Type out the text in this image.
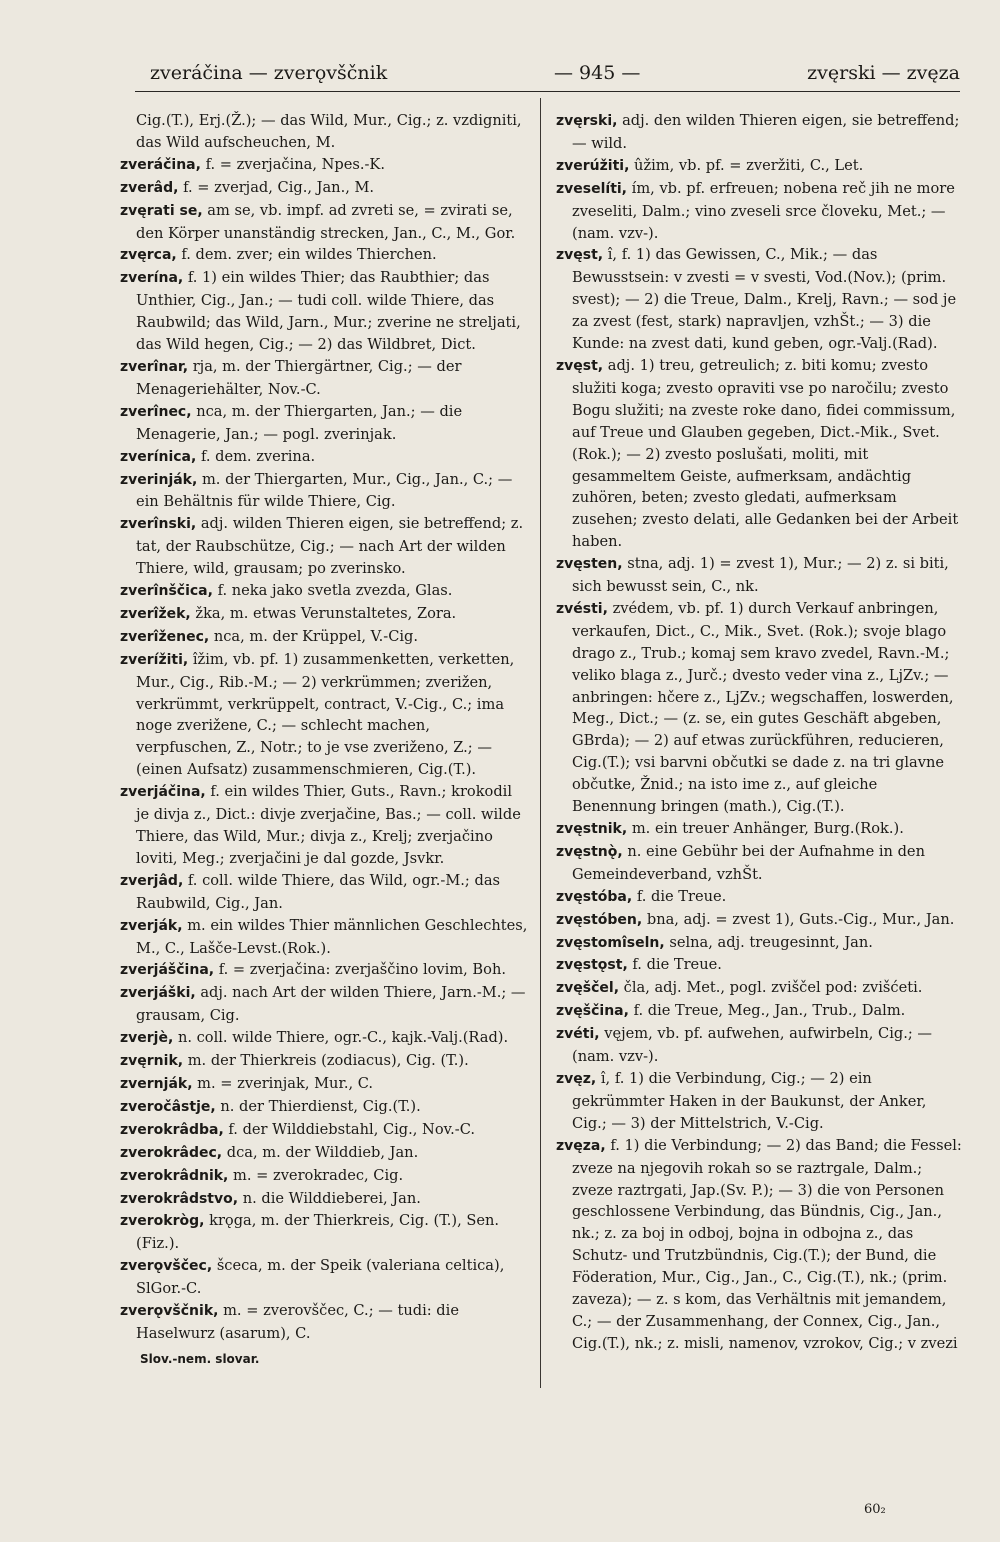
zveráčina — zverǫvščnik	— 945 —	zvęrski — zvęza

Cig.(T.), Erj.(Ž.); — das Wild, Mur., Cig.; z. vzdigniti, das Wild aufscheuchen, M.

zveráčina, f. = zverjačina, Npes.-K.

zverâd, f. = zverjad, Cig., Jan., M.

zvęrati se, am se, vb. impf. ad zvreti se, = zvirati se, den Körper unanständig strecken, Jan., C., M., Gor.

zvęrca, f. dem. zver; ein wildes Thierchen.

zverína, f. 1) ein wildes Thier; das Raubthier; das Unthier, Cig., Jan.; — tudi coll. wilde Thiere, das Raubwild; das Wild, Jarn., Mur.; zverine ne streljati, das Wild hegen, Cig.; — 2) das Wildbret, Dict.

zverînar, rja, m. der Thiergärtner, Cig.; — der Menageriehälter, Nov.-C.

zverînec, nca, m. der Thiergarten, Jan.; — die Menagerie, Jan.; — pogl. zverinjak.

zverínica, f. dem. zverina.

zverinják, m. der Thiergarten, Mur., Cig., Jan., C.; — ein Behältnis für wilde Thiere, Cig.

zverînski, adj. wilden Thieren eigen, sie betreffend; z. tat, der Raubschütze, Cig.; — nach Art der wilden Thiere, wild, grausam; po zverinsko.

zverînščica, f. neka jako svetla zvezda, Glas.

zverîžek, žka, m. etwas Verunstaltetes, Zora.

zverîženec, nca, m. der Krüppel, V.-Cig.

zverížiti, îžim, vb. pf. 1) zusammenketten, verketten, Mur., Cig., Rib.-M.; — 2) verkrümmen; zverižen, verkrümmt, verkrüppelt, contract, V.-Cig., C.; ima noge zverižene, C.; — schlecht machen, verpfuschen, Z., Notr.; to je vse zveriženo, Z.; — (einen Aufsatz) zusammenschmieren, Cig.(T.).

zverjáčina, f. ein wildes Thier, Guts., Ravn.; krokodil je divja z., Dict.: divje zverjačine, Bas.; — coll. wilde Thiere, das Wild, Mur.; divja z., Krelj; zverjačino loviti, Meg.; zverjačini je dal gozde, Jsvkr.

zverjâd, f. coll. wilde Thiere, das Wild, ogr.-M.; das Raubwild, Cig., Jan.

zverják, m. ein wildes Thier männlichen Geschlechtes, M., C., Lašče-Levst.(Rok.).

zverjáščina, f. = zverjačina: zverjaščino lovim, Boh.

zverjáški, adj. nach Art der wilden Thiere, Jarn.-M.; — grausam, Cig.

zverjè, n. coll. wilde Thiere, ogr.-C., kajk.-Valj.(Rad).

zvęrnik, m. der Thierkreis (zodiacus), Cig. (T.).

zvernják, m. = zverinjak, Mur., C.

zveročâstje, n. der Thierdienst, Cig.(T.).

zverokrâdba, f. der Wilddiebstahl, Cig., Nov.-C.

zverokrâdec, dca, m. der Wilddieb, Jan.

zverokrâdnik, m. = zverokradec, Cig.

zverokrâdstvo, n. die Wilddieberei, Jan.

zverokròg, krǫga, m. der Thierkreis, Cig. (T.), Sen.(Fiz.).

zverǫvščec, šceca, m. der Speik (valeriana celtica), SlGor.-C.

zverǫvščnik, m. = zverovščec, C.; — tudi: die Haselwurz (asarum), C.

zvęrski, adj. den wilden Thieren eigen, sie betreffend; — wild.

zverúžiti, ûžim, vb. pf. = zveržiti, C., Let.

zveselíti, ím, vb. pf. erfreuen; nobena reč jih ne more zveseliti, Dalm.; vino zveseli srce človeku, Met.; — (nam. vzv-).

zvęst, î, f. 1) das Gewissen, C., Mik.; — das Bewusstsein: v zvesti = v svesti, Vod.(Nov.); (prim. svest); — 2) die Treue, Dalm., Krelj, Ravn.; — sod je za zvest (fest, stark) napravljen, vzhŠt.; — 3) die Kunde: na zvest dati, kund geben, ogr.-Valj.(Rad).

zvęst, adj. 1) treu, getreulich; z. biti komu; zvesto služiti koga; zvesto opraviti vse po naročilu; zvesto Bogu služiti; na zveste roke dano, fidei commissum, auf Treue und Glauben gegeben, Dict.-Mik., Svet.(Rok.); — 2) zvesto poslušati, moliti, mit gesammeltem Geiste, aufmerksam, andächtig zuhören, beten; zvesto gledati, aufmerksam zusehen; zvesto delati, alle Gedanken bei der Arbeit haben.

zvęsten, stna, adj. 1) = zvest 1), Mur.; — 2) z. si biti, sich bewusst sein, C., nk.

zvésti, zvédem, vb. pf. 1) durch Verkauf anbringen, verkaufen, Dict., C., Mik., Svet. (Rok.); svoje blago drago z., Trub.; komaj sem kravo zvedel, Ravn.-M.; veliko blaga z., Jurč.; dvesto veder vina z., LjZv.; — anbringen: hčere z., LjZv.; wegschaffen, loswerden, Meg., Dict.; — (z. se, ein gutes Geschäft abgeben, GBrda); — 2) auf etwas zurückführen, reducieren, Cig.(T.); vsi barvni občutki se dade z. na tri glavne občutke, Žnid.; na isto ime z., auf gleiche Benennung bringen (math.), Cig.(T.).

zvęstnik, m. ein treuer Anhänger, Burg.(Rok.).

zvęstnǫ̀, n. eine Gebühr bei der Aufnahme in den Gemeindeverband, vzhŠt.

zvęstóba, f. die Treue.

zvęstóben, bna, adj. = zvest 1), Guts.-Cig., Mur., Jan.

zvęstomîseln, selna, adj. treugesinnt, Jan.

zvęstǫst, f. die Treue.

zvęšč̀el, čla, adj. Met., pogl. zviščel pod: zvišćeti.

zvęščina, f. die Treue, Meg., Jan., Trub., Dalm.

zvéti, vęjem, vb. pf. aufwehen, aufwirbeln, Cig.; — (nam. vzv-).

zvęz, î, f. 1) die Verbindung, Cig.; — 2) ein gekrümmter Haken in der Baukunst, der Anker, Cig.; — 3) der Mittelstrich, V.-Cig.

zvęza, f. 1) die Verbindung; — 2) das Band; die Fessel: zveze na njegovih rokah so se raztrgale, Dalm.; zveze raztrgati, Jap.(Sv. P.); — 3) die von Personen geschlossene Verbindung, das Bündnis, Cig., Jan., nk.; z. za boj in odboj, bojna in odbojna z., das Schutz- und Trutzbündnis, Cig.(T.); der Bund, die Föderation, Mur., Cig., Jan., C., Cig.(T.), nk.; (prim. zaveza); — z. s kom, das Verhältnis mit jemandem, C.; — der Zusammenhang, der Connex, Cig., Jan., Cig.(T.), nk.; z. misli, namenov, vzrokov, Cig.; v zvezi

Slov.-nem. slovar.
60₂
